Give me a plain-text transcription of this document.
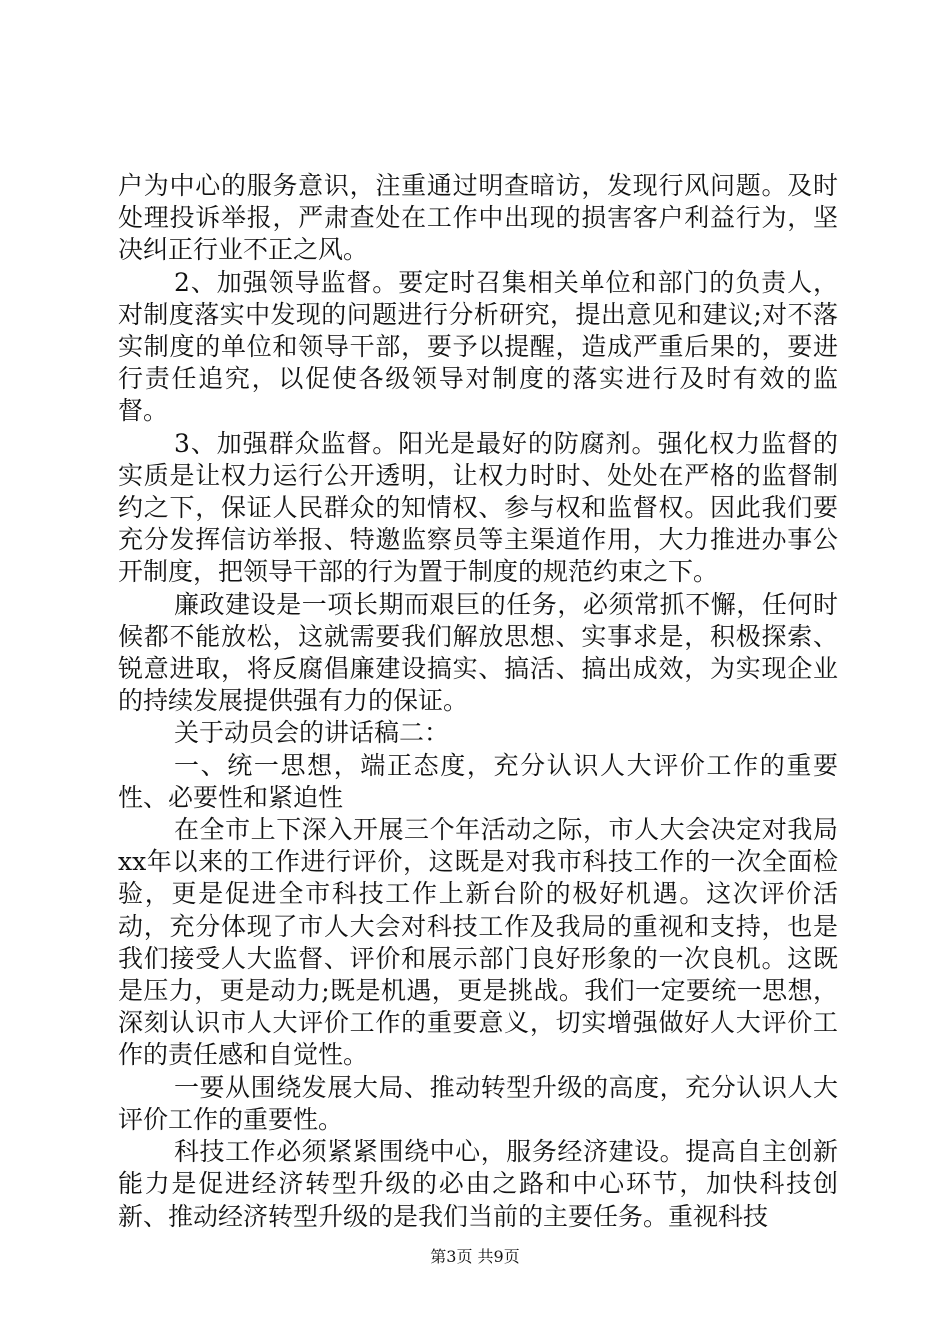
户为中心的服务意识，注重通过明查暗访，发现行风问题。及时处理投诉举报，严肃查处在工作中出现的损害客户利益行为，坚决纠正行业不正之风。

2、加强领导监督。要定时召集相关单位和部门的负责人，对制度落实中发现的问题进行分析研究，提出意见和建议;对不落实制度的单位和领导干部，要予以提醒，造成严重后果的，要进行责任追究，以促使各级领导对制度的落实进行及时有效的监督。

3、加强群众监督。阳光是最好的防腐剂。强化权力监督的实质是让权力运行公开透明，让权力时时、处处在严格的监督制约之下，保证人民群众的知情权、参与权和监督权。因此我们要充分发挥信访举报、特邀监察员等主渠道作用，大力推进办事公开制度，把领导干部的行为置于制度的规范约束之下。

廉政建设是一项长期而艰巨的任务，必须常抓不懈，任何时候都不能放松，这就需要我们解放思想、实事求是，积极探索、锐意进取，将反腐倡廉建设搞实、搞活、搞出成效，为实现企业的持续发展提供强有力的保证。

关于动员会的讲话稿二：

一、统一思想，端正态度，充分认识人大评价工作的重要性、必要性和紧迫性

在全市上下深入开展三个年活动之际，市人大会决定对我局xx年以来的工作进行评价，这既是对我市科技工作的一次全面检验，更是促进全市科技工作上新台阶的极好机遇。这次评价活动，充分体现了市人大会对科技工作及我局的重视和支持，也是我们接受人大监督、评价和展示部门良好形象的一次良机。这既是压力，更是动力;既是机遇，更是挑战。我们一定要统一思想，深刻认识市人大评价工作的重要意义，切实增强做好人大评价工作的责任感和自觉性。

一要从围绕发展大局、推动转型升级的高度，充分认识人大评价工作的重要性。

科技工作必须紧紧围绕中心，服务经济建设。提高自主创新能力是促进经济转型升级的必由之路和中心环节，加快科技创新、推动经济转型升级的是我们当前的主要任务。重视科技

第3页 共9页
